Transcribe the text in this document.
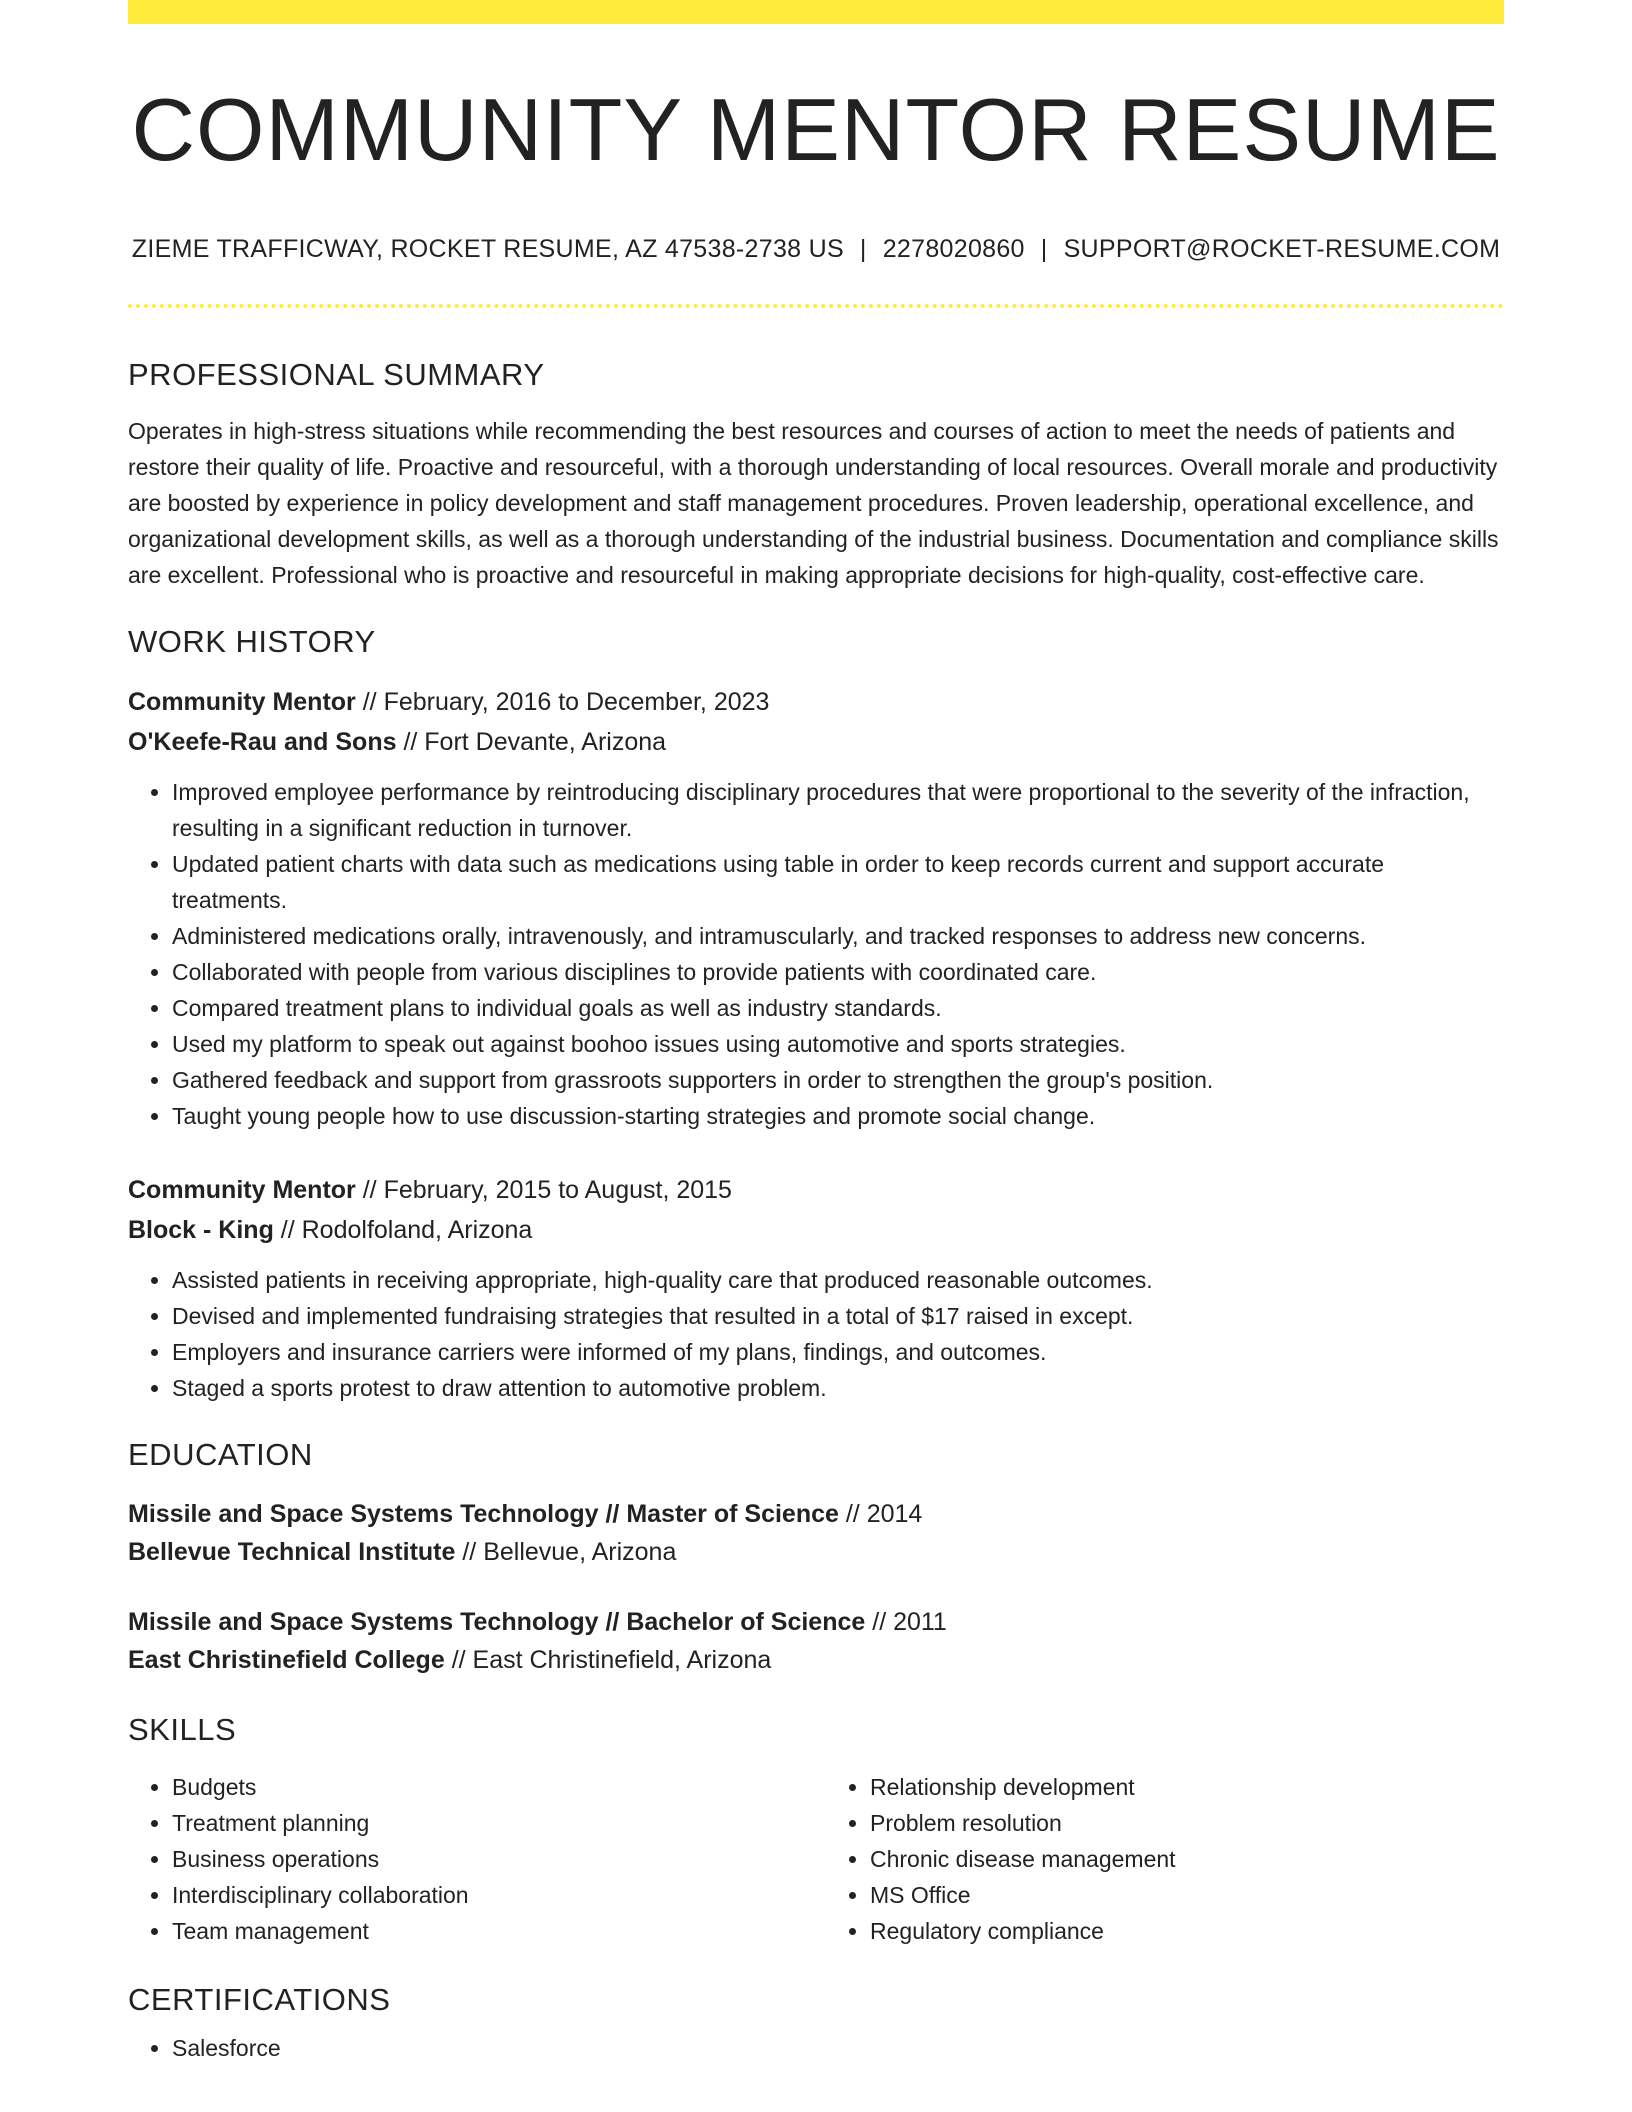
COMMUNITY MENTOR RESUME
ZIEME TRAFFICWAY, ROCKET RESUME, AZ 47538-2738 US | 2278020860 | SUPPORT@ROCKET-RESUME.COM
PROFESSIONAL SUMMARY

Operates in high-stress situations while recommending the best resources and courses of action to meet the needs of patients and restore their quality of life. Proactive and resourceful, with a thorough understanding of local resources. Overall morale and productivity are boosted by experience in policy development and staff management procedures. Proven leadership, operational excellence, and organizational development skills, as well as a thorough understanding of the industrial business. Documentation and compliance skills are excellent. Professional who is proactive and resourceful in making appropriate decisions for high-quality, cost-effective care.

WORK HISTORY
Community Mentor // February, 2016 to December, 2023
O'Keefe-Rau and Sons // Fort Devante, Arizona
• Improved employee performance by reintroducing disciplinary procedures that were proportional to the severity of the infraction, resulting in a significant reduction in turnover.
• Updated patient charts with data such as medications using table in order to keep records current and support accurate treatments.
• Administered medications orally, intravenously, and intramuscularly, and tracked responses to address new concerns.
• Collaborated with people from various disciplines to provide patients with coordinated care.
• Compared treatment plans to individual goals as well as industry standards.
• Used my platform to speak out against boohoo issues using automotive and sports strategies.
• Gathered feedback and support from grassroots supporters in order to strengthen the group's position.
• Taught young people how to use discussion-starting strategies and promote social change.
Community Mentor // February, 2015 to August, 2015
Block - King // Rodolfoland, Arizona
• Assisted patients in receiving appropriate, high-quality care that produced reasonable outcomes.
• Devised and implemented fundraising strategies that resulted in a total of $17 raised in except.
• Employers and insurance carriers were informed of my plans, findings, and outcomes.
• Staged a sports protest to draw attention to automotive problem.
EDUCATION
Missile and Space Systems Technology // Master of Science // 2014
Bellevue Technical Institute // Bellevue, Arizona
Missile and Space Systems Technology // Bachelor of Science // 2011
East Christinefield College // East Christinefield, Arizona
SKILLS
• Budgets
• Treatment planning
• Business operations
• Interdisciplinary collaboration
• Team management
• Relationship development
• Problem resolution
• Chronic disease management
• MS Office
• Regulatory compliance
CERTIFICATIONS
• Salesforce
